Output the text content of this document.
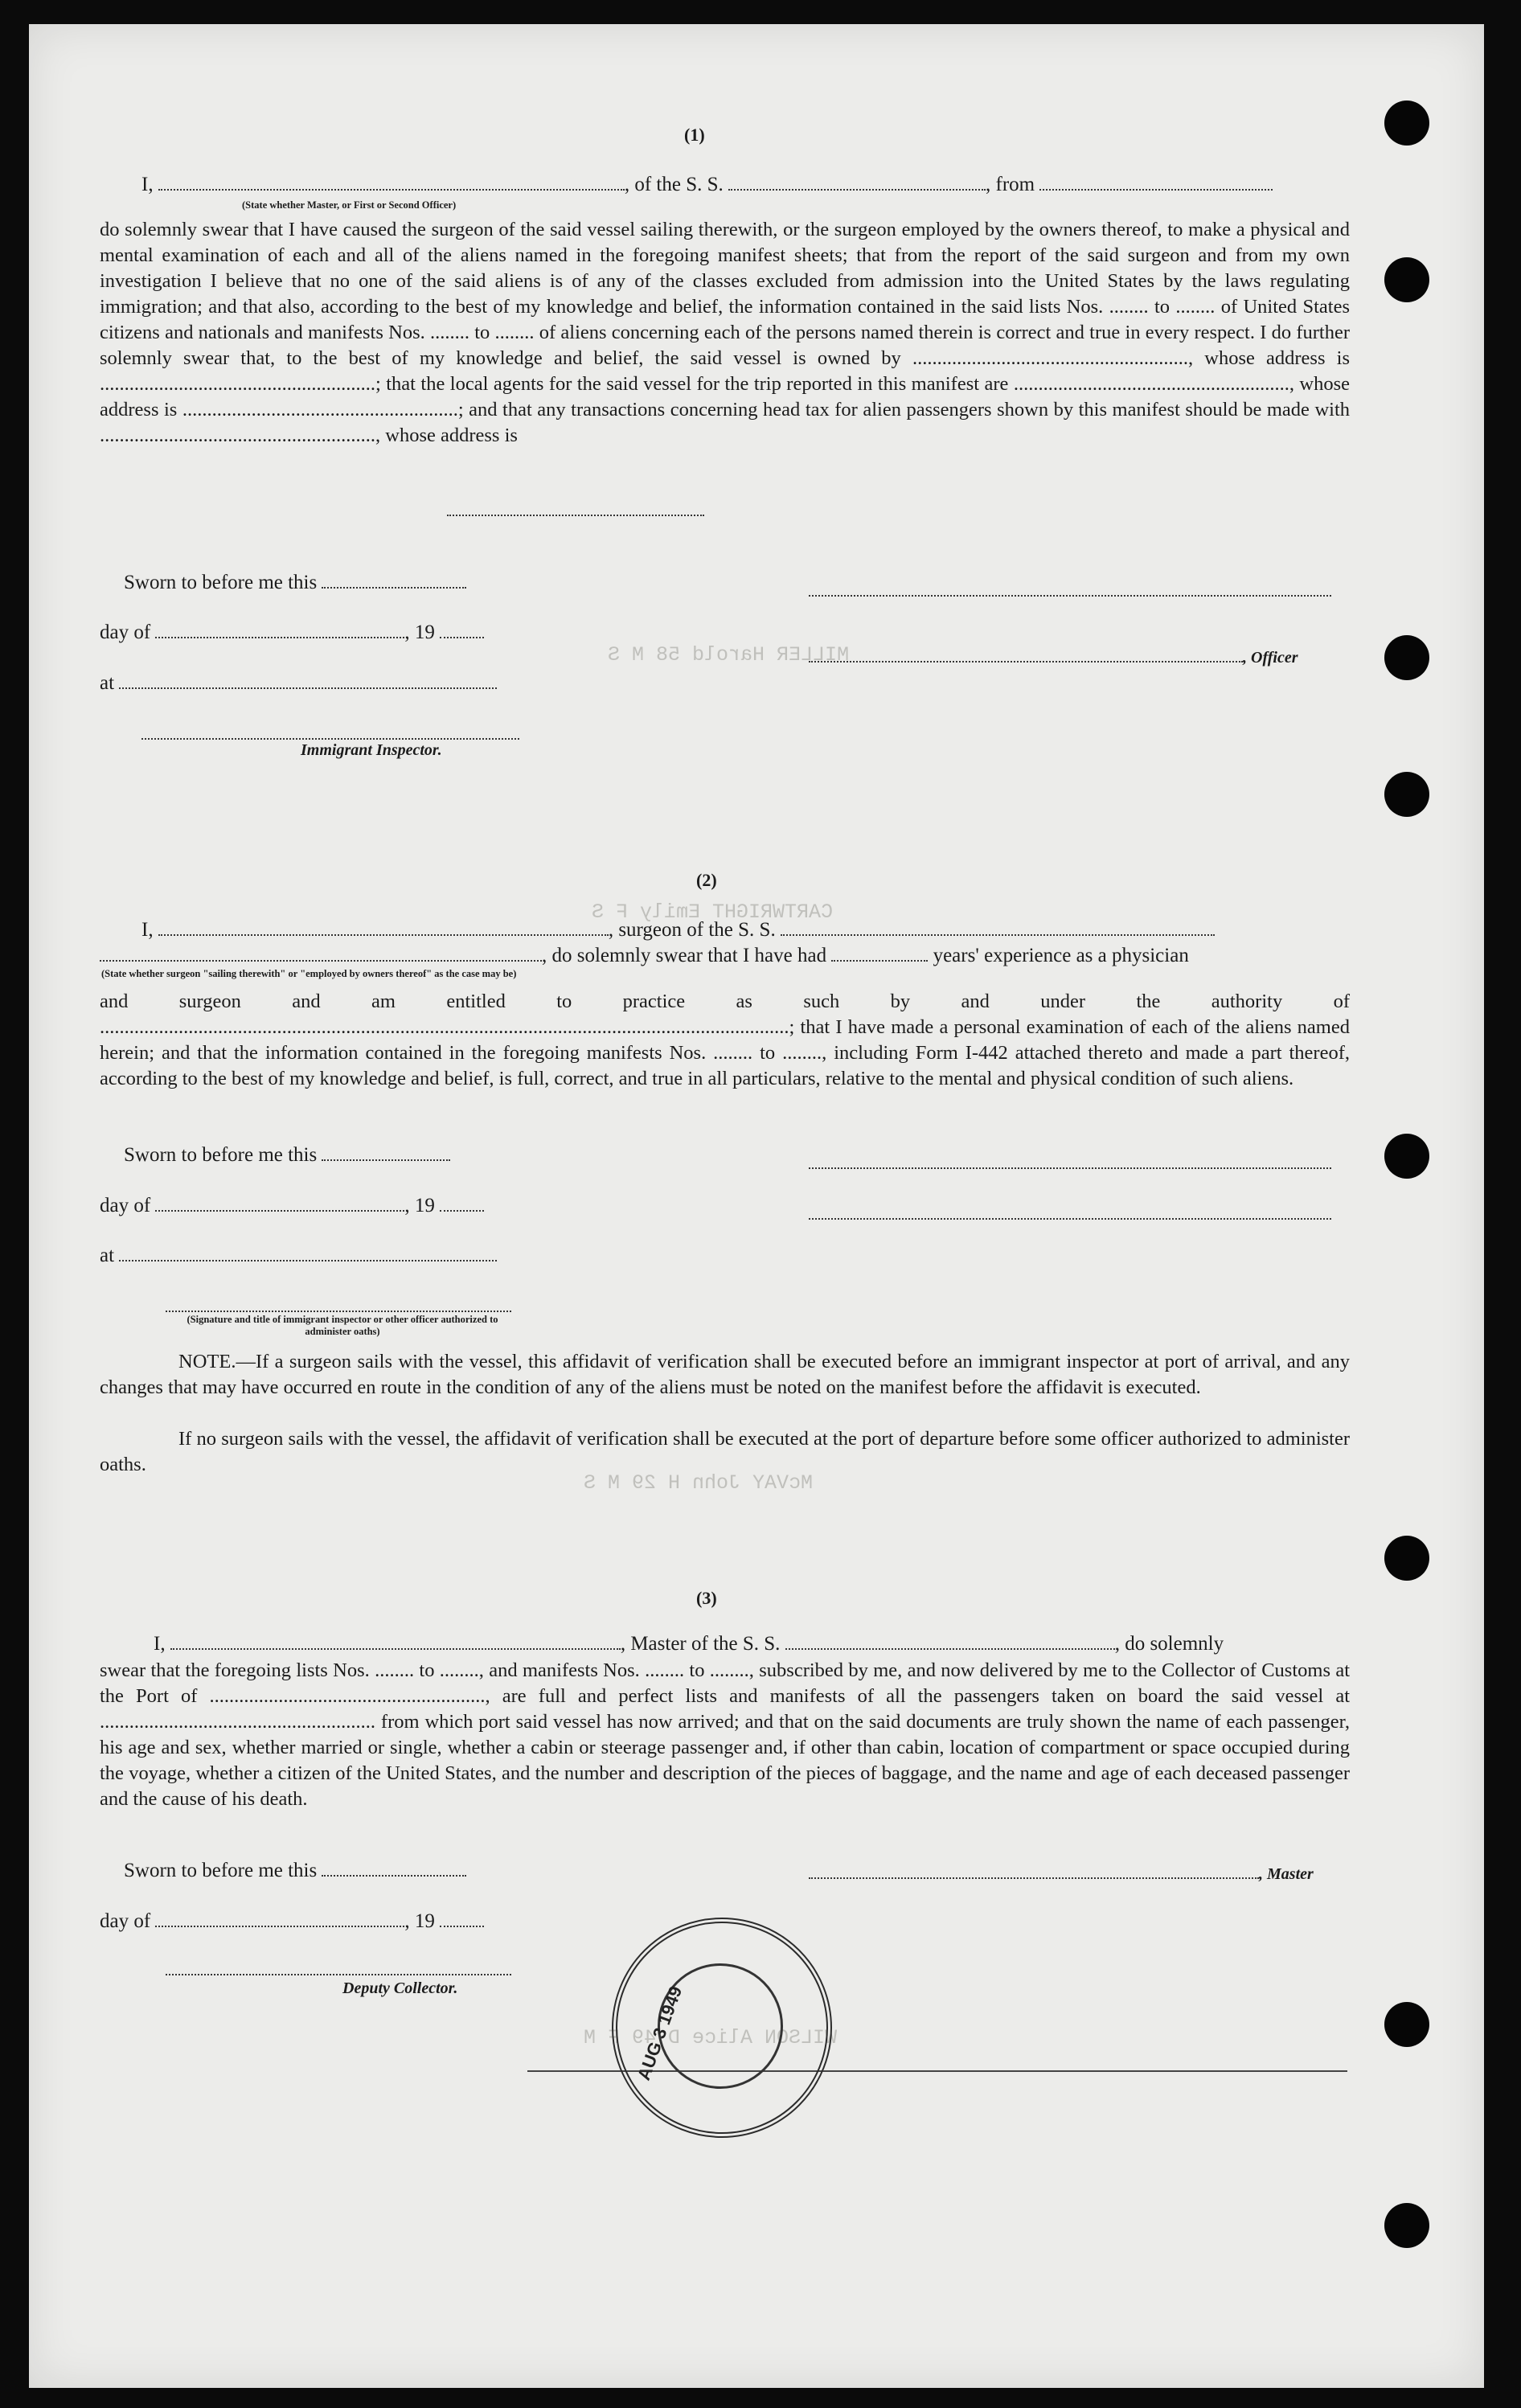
MILLER Harold 58 M S
CARTWRIGHT Emily F S
McVAY John H 29 M S
WILSON Alice D 49 F M
(1)
I,	, of the S. S.	, from
(State whether Master, or First or Second Officer)
do solemnly swear that I have caused the surgeon of the said vessel sailing therewith, or the surgeon employed by the owners thereof, to make a physical and mental examination of each and all of the aliens named in the foregoing manifest sheets; that from the report of the said surgeon and from my own investigation I believe that no one of the said aliens is of any of the classes excluded from admission into the United States by the laws regulating immigration; and that also, according to the best of my knowledge and belief, the information contained in the said lists Nos. ........ to ........ of United States citizens and nationals and manifests Nos. ........ to ........ of aliens concerning each of the persons named therein is correct and true in every respect. I do further solemnly swear that, to the best of my knowledge and belief, the said vessel is owned by ........................................................, whose address is ........................................................; that the local agents for the said vessel for the trip reported in this manifest are ........................................................, whose address is ........................................................; and that any transactions concerning head tax for alien passengers shown by this manifest should be made with ........................................................, whose address is
Sworn to before me this
day of	, 19
, Officer
at
Immigrant Inspector.
(2)
I,	, surgeon of the S. S.
, do solemnly swear that I have had	years' experience as a physician
(State whether surgeon "sailing therewith" or "employed by owners thereof" as the case may be)
and surgeon and am entitled to practice as such by and under the authority of ............................................................................................................................................; that I have made a personal examination of each of the aliens named herein; and that the information contained in the foregoing manifests Nos. ........ to ........, including Form I-442 attached thereto and made a part thereof, according to the best of my knowledge and belief, is full, correct, and true in all particulars, relative to the mental and physical condition of such aliens.
Sworn to before me this
day of	, 19
at
(Signature and title of immigrant inspector or other officer authorized to administer oaths)
NOTE.—If a surgeon sails with the vessel, this affidavit of verification shall be executed before an immigrant inspector at port of arrival, and any changes that may have occurred en route in the condition of any of the aliens must be noted on the manifest before the affidavit is executed.
If no surgeon sails with the vessel, the affidavit of verification shall be executed at the port of departure before some officer authorized to administer oaths.
(3)
I,	, Master of the S. S.	, do solemnly
swear that the foregoing lists Nos. ........ to ........, and manifests Nos. ........ to ........, subscribed by me, and now delivered by me to the Collector of Customs at the Port of ........................................................, are full and perfect lists and manifests of all the passengers taken on board the said vessel at ........................................................ from which port said vessel has now arrived; and that on the said documents are truly shown the name of each passenger, his age and sex, whether married or single, whether a cabin or steerage passenger and, if other than cabin, location of compartment or space occupied during the voyage, whether a citizen of the United States, and the number and description of the pieces of baggage, and the name and age of each deceased passenger and the cause of his death.
Sworn to before me this	, Master
day of	, 19
Deputy Collector.	AUG 3 1949
